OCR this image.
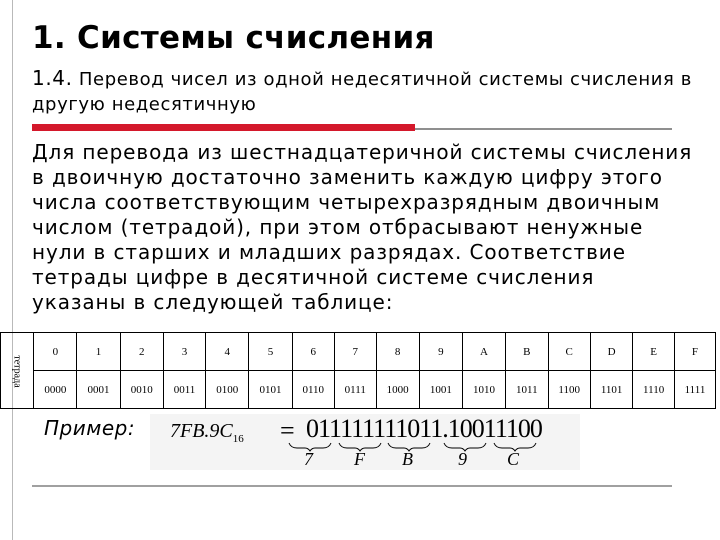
1. Системы счисления
1.4. Перевод чисел из одной недесятичной системы счисления в другую недесятичную
Для перевода из шестнадцатеричной системы счисления
в двоичную достаточно заменить каждую цифру этого
числа соответствующим четырехразрядным двоичным
числом (тетрадой), при этом отбрасывают ненужные
нули в старших и младших разрядах. Соответствие
тетрады цифре в десятичной системе счисления
указаны в следующей таблице:
тетрада	0	1	2	3	4	5	6	7	8	9	A	B	C	D	E	F
	0000	0001	0010	0011	0100	0101	0110	0111	1000	1001	1010	1011	1100	1101	1110	1111
Пример: $7FB.9C_{16} = 011111111011.10011100$
7 F B	9 C
